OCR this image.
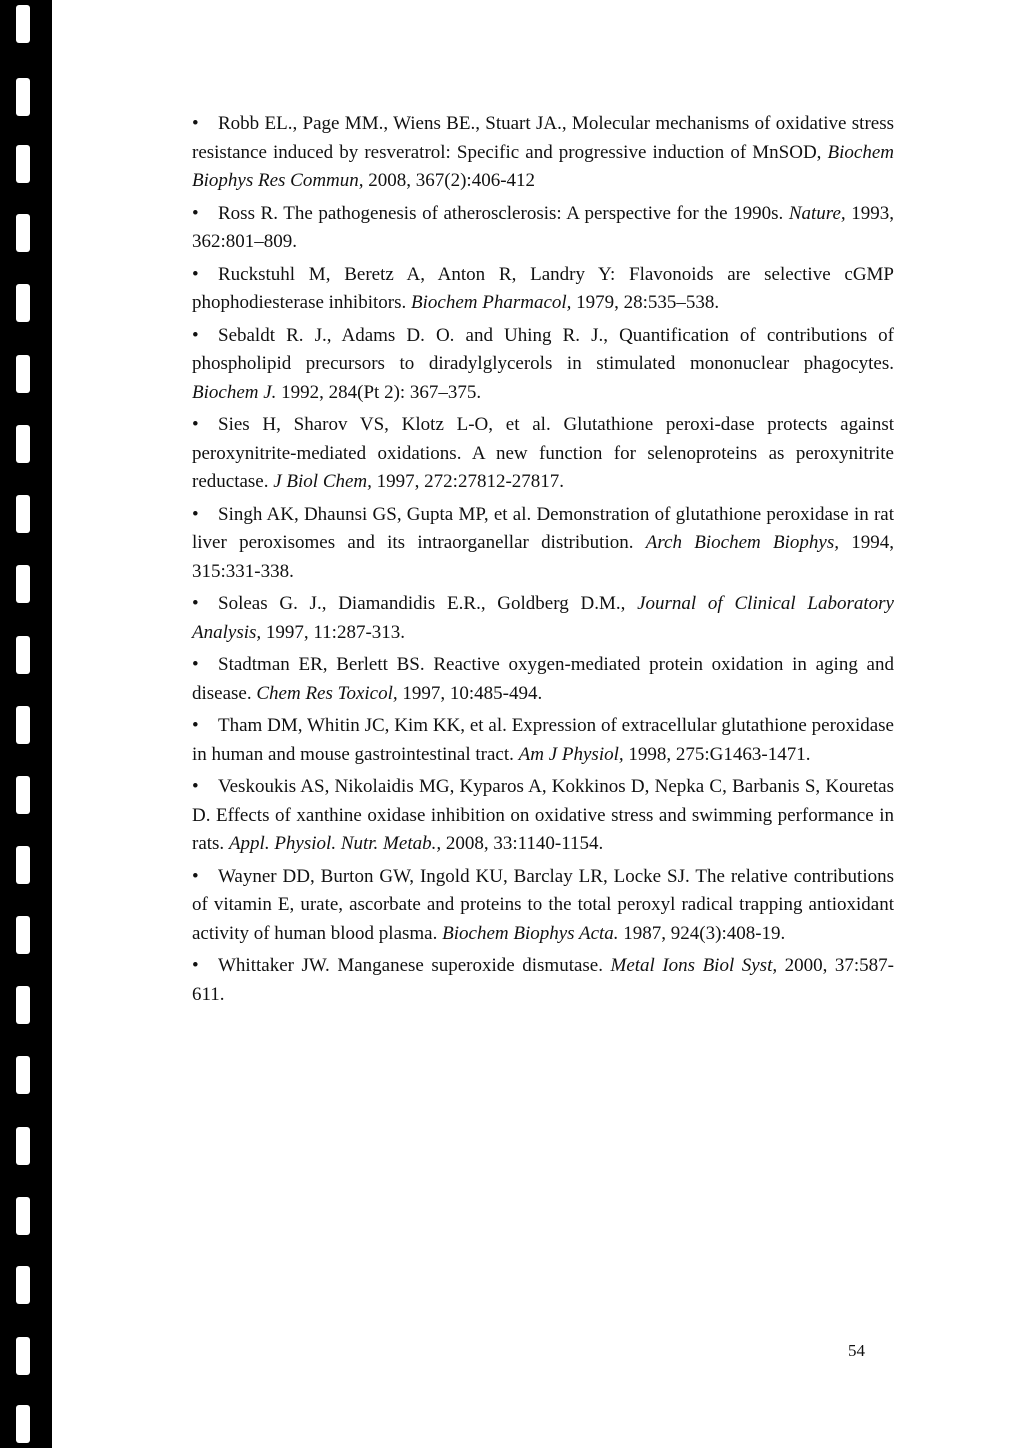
•	Robb EL., Page MM., Wiens BE., Stuart JA., Molecular mechanisms of oxidative stress resistance induced by resveratrol: Specific and progressive induction of MnSOD, Biochem Biophys Res Commun, 2008, 367(2):406-412
•	Ross R. The pathogenesis of atherosclerosis: A perspective for the 1990s. Nature, 1993, 362:801–809.
•	Ruckstuhl M, Beretz A, Anton R, Landry Y: Flavonoids are selective cGMP phophodiesterase inhibitors. Biochem Pharmacol, 1979, 28:535–538.
•	Sebaldt R. J., Adams D. O. and Uhing R. J., Quantification of contributions of phospholipid precursors to diradylglycerols in stimulated mononuclear phagocytes. Biochem J. 1992, 284(Pt 2): 367–375.
•	Sies H, Sharov VS, Klotz L-O, et al. Glutathione peroxi-dase protects against peroxynitrite-mediated oxidations. A new function for selenoproteins as peroxynitrite reductase. J Biol Chem, 1997, 272:27812-27817.
•	Singh AK, Dhaunsi GS, Gupta MP, et al. Demonstration of glutathione peroxidase in rat liver peroxisomes and its intraorganellar distribution. Arch Biochem Biophys, 1994, 315:331-338.
•	Soleas G. J., Diamandidis E.R., Goldberg D.M., Journal of Clinical Laboratory Analysis, 1997, 11:287-313.
•	Stadtman ER, Berlett BS. Reactive oxygen-mediated protein oxidation in aging and disease. Chem Res Toxicol, 1997, 10:485-494.
•	Tham DM, Whitin JC, Kim KK, et al. Expression of extracellular glutathione peroxidase in human and mouse gastrointestinal tract. Am J Physiol, 1998, 275:G1463-1471.
•	Veskoukis AS, Nikolaidis MG, Kyparos A, Kokkinos D, Nepka C, Barbanis S, Kouretas D. Effects of xanthine oxidase inhibition on oxidative stress and swimming performance in rats. Appl. Physiol. Nutr. Metab., 2008, 33:1140-1154.
•	Wayner DD, Burton GW, Ingold KU, Barclay LR, Locke SJ. The relative contributions of vitamin E, urate, ascorbate and proteins to the total peroxyl radical trapping antioxidant activity of human blood plasma. Biochem Biophys Acta. 1987, 924(3):408-19.
•	Whittaker JW. Manganese superoxide dismutase. Metal Ions Biol Syst, 2000, 37:587-611.
54
